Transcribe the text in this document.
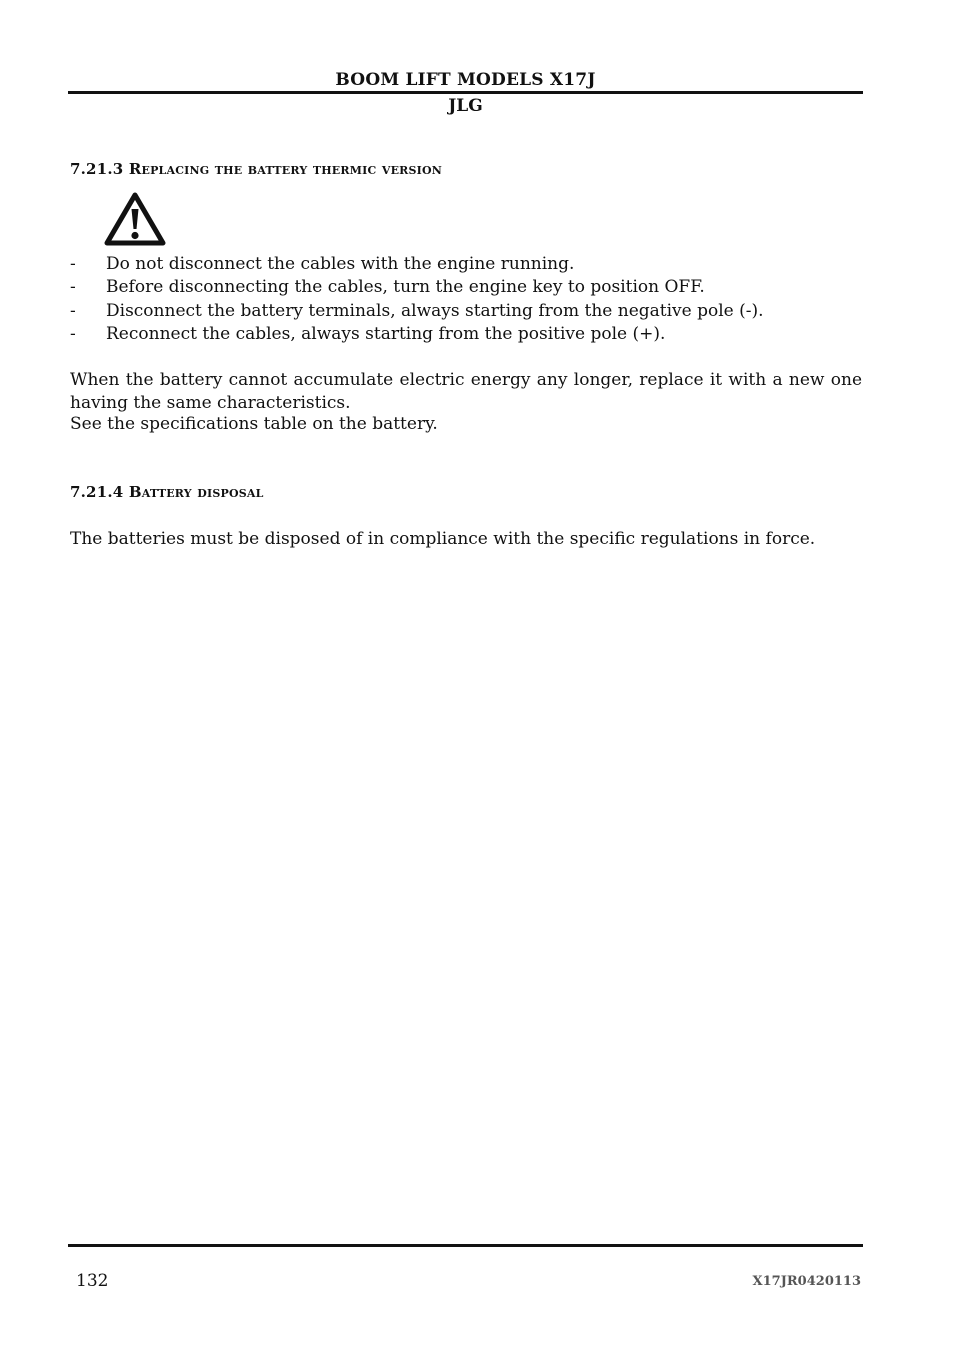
BOOM LIFT MODELS X17J
JLG
7.21.3 Replacing the battery thermic version
- Do not disconnect the cables with the engine running.
- Before disconnecting the cables, turn the engine key to position OFF.
- Disconnect the battery terminals, always starting from the negative pole (-).
- Reconnect the cables, always starting from the positive pole (+).

When the battery cannot accumulate electric energy any longer, replace it with a new one having the same characteristics.

See the specifications table on the battery.

7.21.4 Battery disposal

The batteries must be disposed of in compliance with the specific regulations in force.

132	X17JR0420113
